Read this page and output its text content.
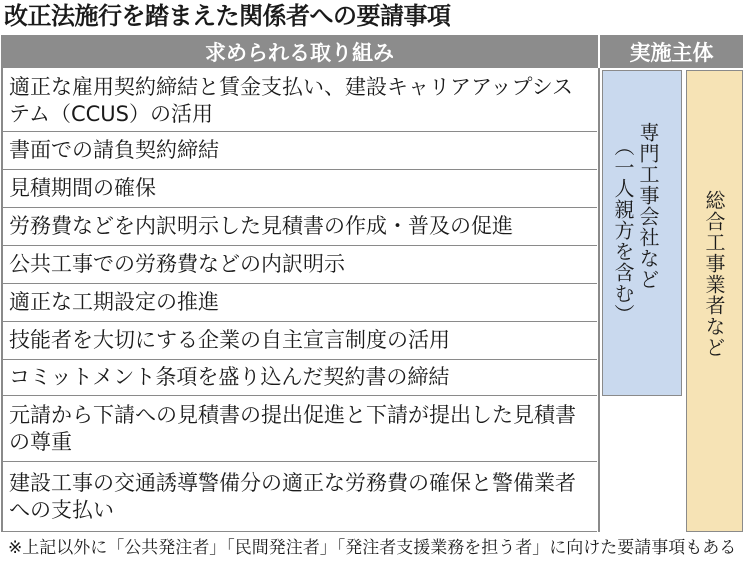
改正法施行を踏まえた関係者への要請事項
求められる取り組み	実施主体
適正な雇用契約締結と賃金支払い、建設キャリアアップシステム（CCUS）の活用
書面での請負契約締結
見積期間の確保
労務費などを内訳明示した見積書の作成・普及の促進
公共工事での労務費などの内訳明示
適正な工期設定の推進
技能者を大切にする企業の自主宣言制度の活用
コミットメント条項を盛り込んだ契約書の締結
元請から下請への見積書の提出促進と下請が提出した見積書の尊重
建設工事の交通誘導警備分の適正な労務費の確保と警備業者への支払い
専門工事会社など
（一人親方を含む）	総合工事業者など
※上記以外に「公共発注者」「民間発注者」「発注者支援業務を担う者」に向けた要請事項もある
